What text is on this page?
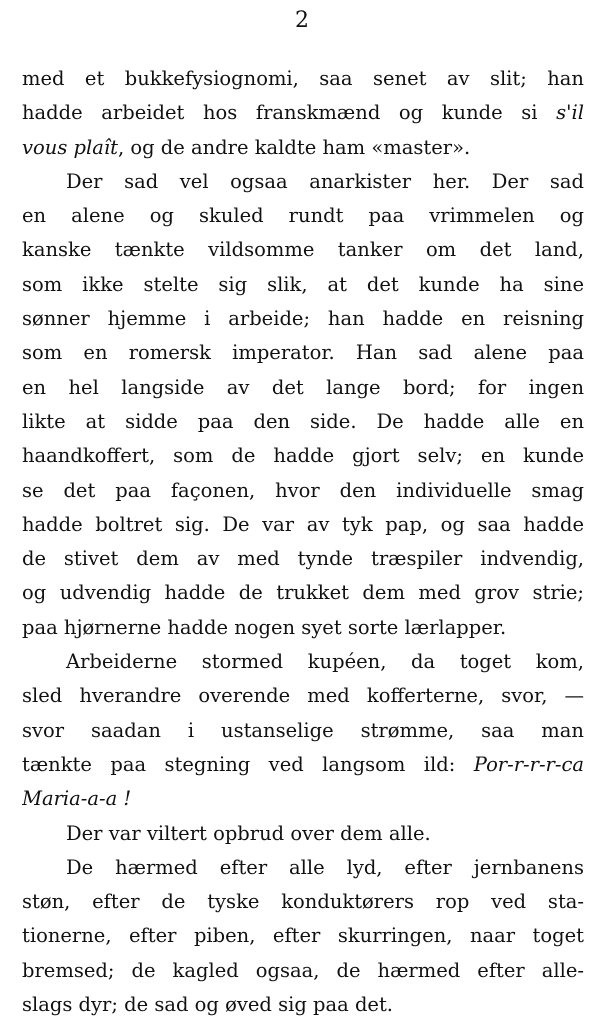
2
med et bukkefysiognomi, saa senet av slit; han
hadde arbeidet hos franskmænd og kunde si s'il
vous plaît, og de andre kaldte ham «master».
Der sad vel ogsaa anarkister her. Der sad
en alene og skuled rundt paa vrimmelen og
kanske tænkte vildsomme tanker om det land,
som ikke stelte sig slik, at det kunde ha sine
sønner hjemme i arbeide; han hadde en reisning
som en romersk imperator. Han sad alene paa
en hel langside av det lange bord; for ingen
likte at sidde paa den side. De hadde alle en
haandkoffert, som de hadde gjort selv; en kunde
se det paa façonen, hvor den individuelle smag
hadde boltret sig. De var av tyk pap, og saa hadde
de stivet dem av med tynde træspiler indvendig,
og udvendig hadde de trukket dem med grov strie;
paa hjørnerne hadde nogen syet sorte lærlapper.
Arbeiderne stormed kupéen, da toget kom,
sled hverandre overende med kofferterne, svor, —
svor saadan i ustanselige strømme, saa man
tænkte paa stegning ved langsom ild: Por-r-r-r-ca
Maria-a-a !
Der var viltert opbrud over dem alle.
De hærmed efter alle lyd, efter jernbanens
støn, efter de tyske konduktørers rop ved sta-
tionerne, efter piben, efter skurringen, naar toget
bremsed; de kagled ogsaa, de hærmed efter alle-
slags dyr; de sad og øved sig paa det.
